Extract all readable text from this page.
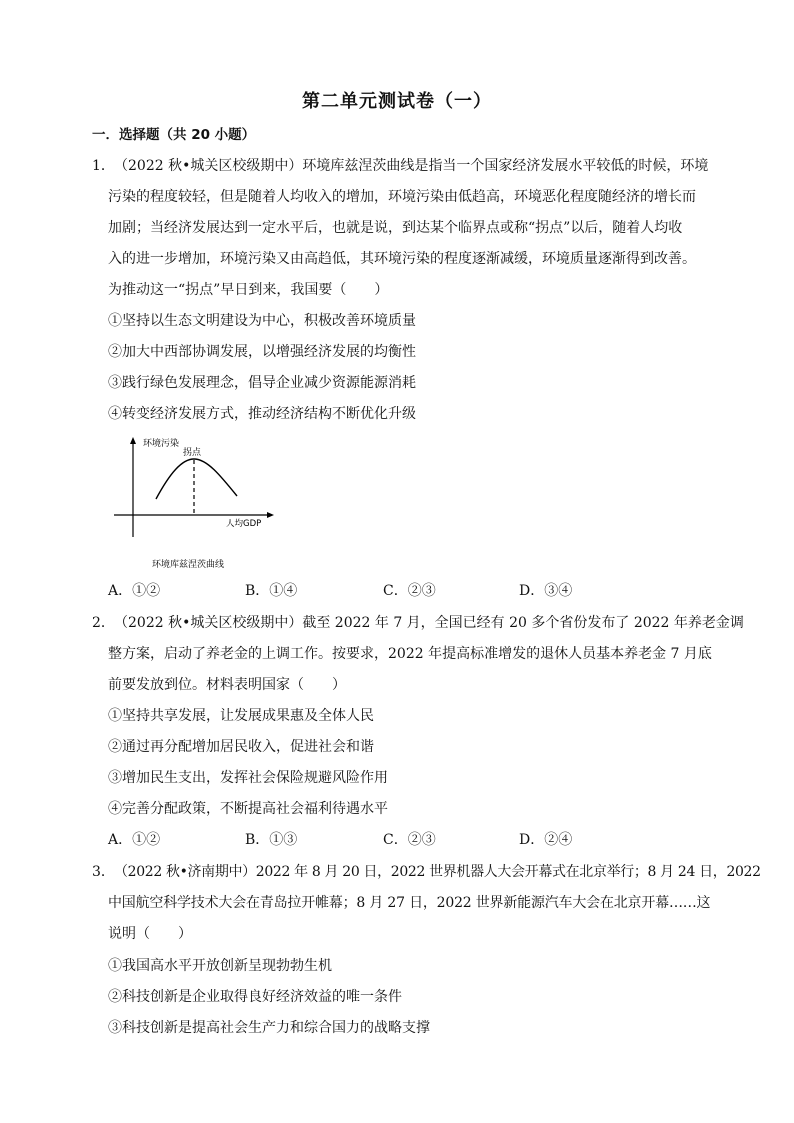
第二单元测试卷（一）
一．选择题（共 20 小题）
1． （2022 秋•城关区校级期中）环境库兹涅茨曲线是指当一个国家经济发展水平较低的时候，环境
污染的程度较轻，但是随着人均收入的增加，环境污染由低趋高，环境恶化程度随经济的增长而
加剧；当经济发展达到一定水平后，也就是说，到达某个临界点或称“拐点”以后，随着人均收
入的进一步增加，环境污染又由高趋低，其环境污染的程度逐渐减缓，环境质量逐渐得到改善。
为推动这一“拐点”早日到来，我国要（　　）
①坚持以生态文明建设为中心，积极改善环境质量
②加大中西部协调发展，以增强经济发展的均衡性
③践行绿色发展理念，倡导企业减少资源能源消耗
④转变经济发展方式，推动经济结构不断优化升级
环境污染
拐点
人均GDP
环境库兹涅茨曲线
A．①②	B．①④	C．②③	D．③④
2． （2022 秋•城关区校级期中）截至 2022 年 7 月，全国已经有 20 多个省份发布了 2022 年养老金调
整方案，启动了养老金的上调工作。按要求，2022 年提高标准增发的退休人员基本养老金 7 月底
前要发放到位。材料表明国家（　　）
①坚持共享发展，让发展成果惠及全体人民
②通过再分配增加居民收入，促进社会和谐
③增加民生支出，发挥社会保险规避风险作用
④完善分配政策，不断提高社会福利待遇水平
A．①②	B．①③	C．②③	D．②④
3． （2022 秋•济南期中）2022 年 8 月 20 日，2022 世界机器人大会开幕式在北京举行；8 月 24 日，2022
中国航空科学技术大会在青岛拉开帷幕；8 月 27 日，2022 世界新能源汽车大会在北京开幕……这
说明（　　）
①我国高水平开放创新呈现勃勃生机
②科技创新是企业取得良好经济效益的唯一条件
③科技创新是提高社会生产力和综合国力的战略支撑
